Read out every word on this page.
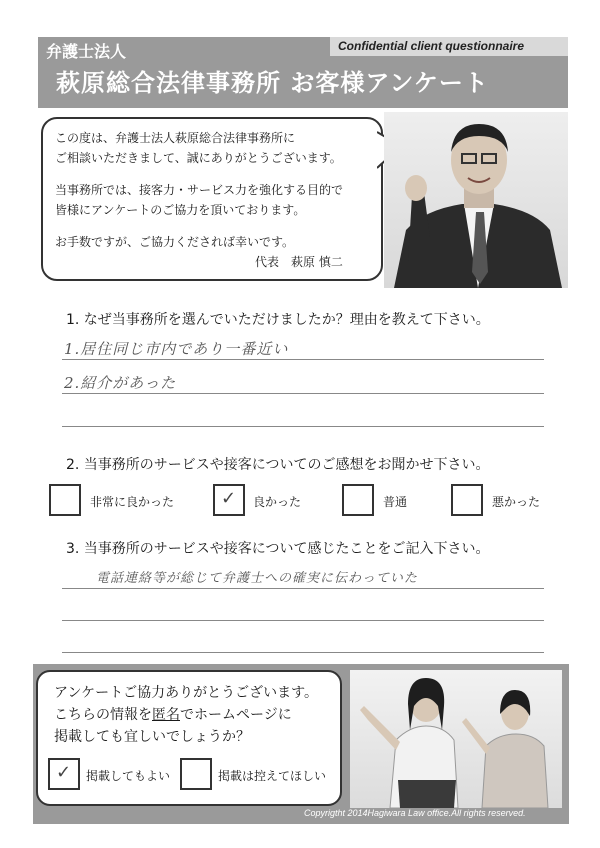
Confidential client questionnaire
弁護士法人
萩原総合法律事務所 お客様アンケート
この度は、弁護士法人萩原総合法律事務所に
ご相談いただきまして、誠にありがとうございます。
当事務所では、接客力・サービス力を強化する目的で
皆様にアンケートのご協力を頂いております。
お手数ですが、ご協力くだされば幸いです。
代表　萩原 慎二
1. なぜ当事務所を選んでいただけましたか？理由を教えて下さい。
1.居住同じ市内であり一番近い
2.紹介があった
2. 当事務所のサービスや接客についてのご感想をお聞かせ下さい。
非常に良かった	✓ 良かった	普通	悪かった
3. 当事務所のサービスや接客について感じたことをご記入下さい。
電話連絡等が総じて弁護士への確実に伝わっていた
アンケートご協力ありがとうございます。
こちらの情報を匿名でホームページに
掲載しても宜しいでしょうか？
✓ 掲載してもよい	掲載は控えてほしい
Copyrigtht 2014Hagiwara Law office.All rights reserved.
